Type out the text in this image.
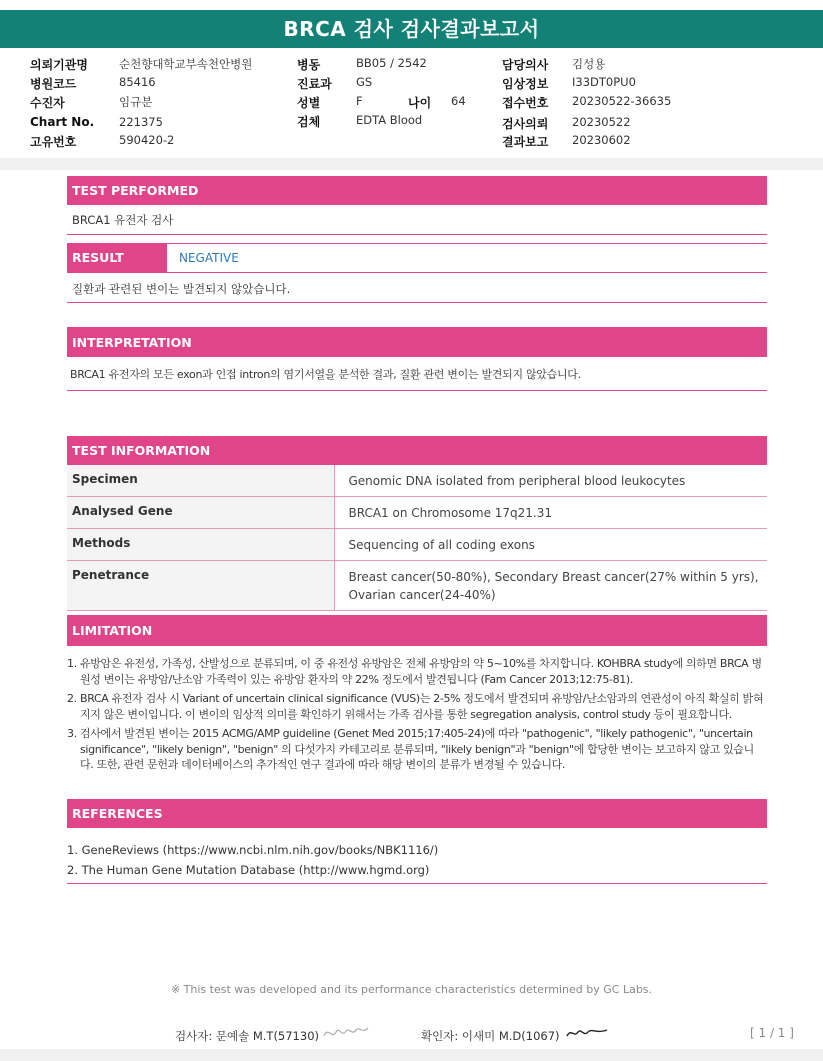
BRCA 검사 검사결과보고서
의뢰기관명	순천향대학교부속천안병원
병원코드	85416
수진자	임규분
Chart No. 221375
고유번호	590420-2
병동	BB05 / 2542
진료과 GS
성별	F	나이 64
검체	EDTA Blood
담당의사 김성용
임상정보 I33DT0PU0
접수번호 20230522-36635
검사의뢰 20230522
결과보고 20230602
TEST PERFORMED
BRCA1 유전자 검사
RESULT	NEGATIVE
질환과 관련된 변이는 발견되지 않았습니다.
INTERPRETATION
BRCA1 유전자의 모든 exon과 인접 intron의 염기서열을 분석한 결과, 질환 관련 변이는 발견되지 않았습니다.
TEST INFORMATION
Specimen	Genomic DNA isolated from peripheral blood leukocytes
Analysed Gene	BRCA1 on Chromosome 17q21.31
Methods	Sequencing of all coding exons
Penetrance	Breast cancer(50-80%), Secondary Breast cancer(27% within 5 yrs), Ovarian cancer(24-40%)
LIMITATION
1. 유방암은 유전성, 가족성, 산발성으로 분류되며, 이 중 유전성 유방암은 전체 유방암의 약 5~10%를 차지합니다. KOHBRA study에 의하면 BRCA 병원성 변이는 유방암/난소암 가족력이 있는 유방암 환자의 약 22% 정도에서 발견됩니다 (Fam Cancer 2013;12:75-81).
2. BRCA 유전자 검사 시 Variant of uncertain clinical significance (VUS)는 2-5% 정도에서 발견되며 유방암/난소암과의 연관성이 아직 확실히 밝혀지지 않은 변이입니다. 이 변이의 임상적 의미를 확인하기 위해서는 가족 검사를 통한 segregation analysis, control study 등이 필요합니다.
3. 검사에서 발견된 변이는 2015 ACMG/AMP guideline (Genet Med 2015;17:405-24)에 따라 "pathogenic", "likely pathogenic", "uncertain significance", "likely benign", "benign" 의 다섯가지 카테고리로 분류되며, "likely benign"과 "benign"에 합당한 변이는 보고하지 않고 있습니다. 또한, 관련 문헌과 데이터베이스의 추가적인 연구 결과에 따라 해당 변이의 분류가 변경될 수 있습니다.
REFERENCES
1. GeneReviews (https://www.ncbi.nlm.nih.gov/books/NBK1116/)
2. The Human Gene Mutation Database (http://www.hgmd.org)
※ This test was developed and its performance characteristics determined by GC Labs.
검사자: 문예솔 M.T(57130)	확인자: 이새미 M.D(1067)	[ 1 / 1 ]
